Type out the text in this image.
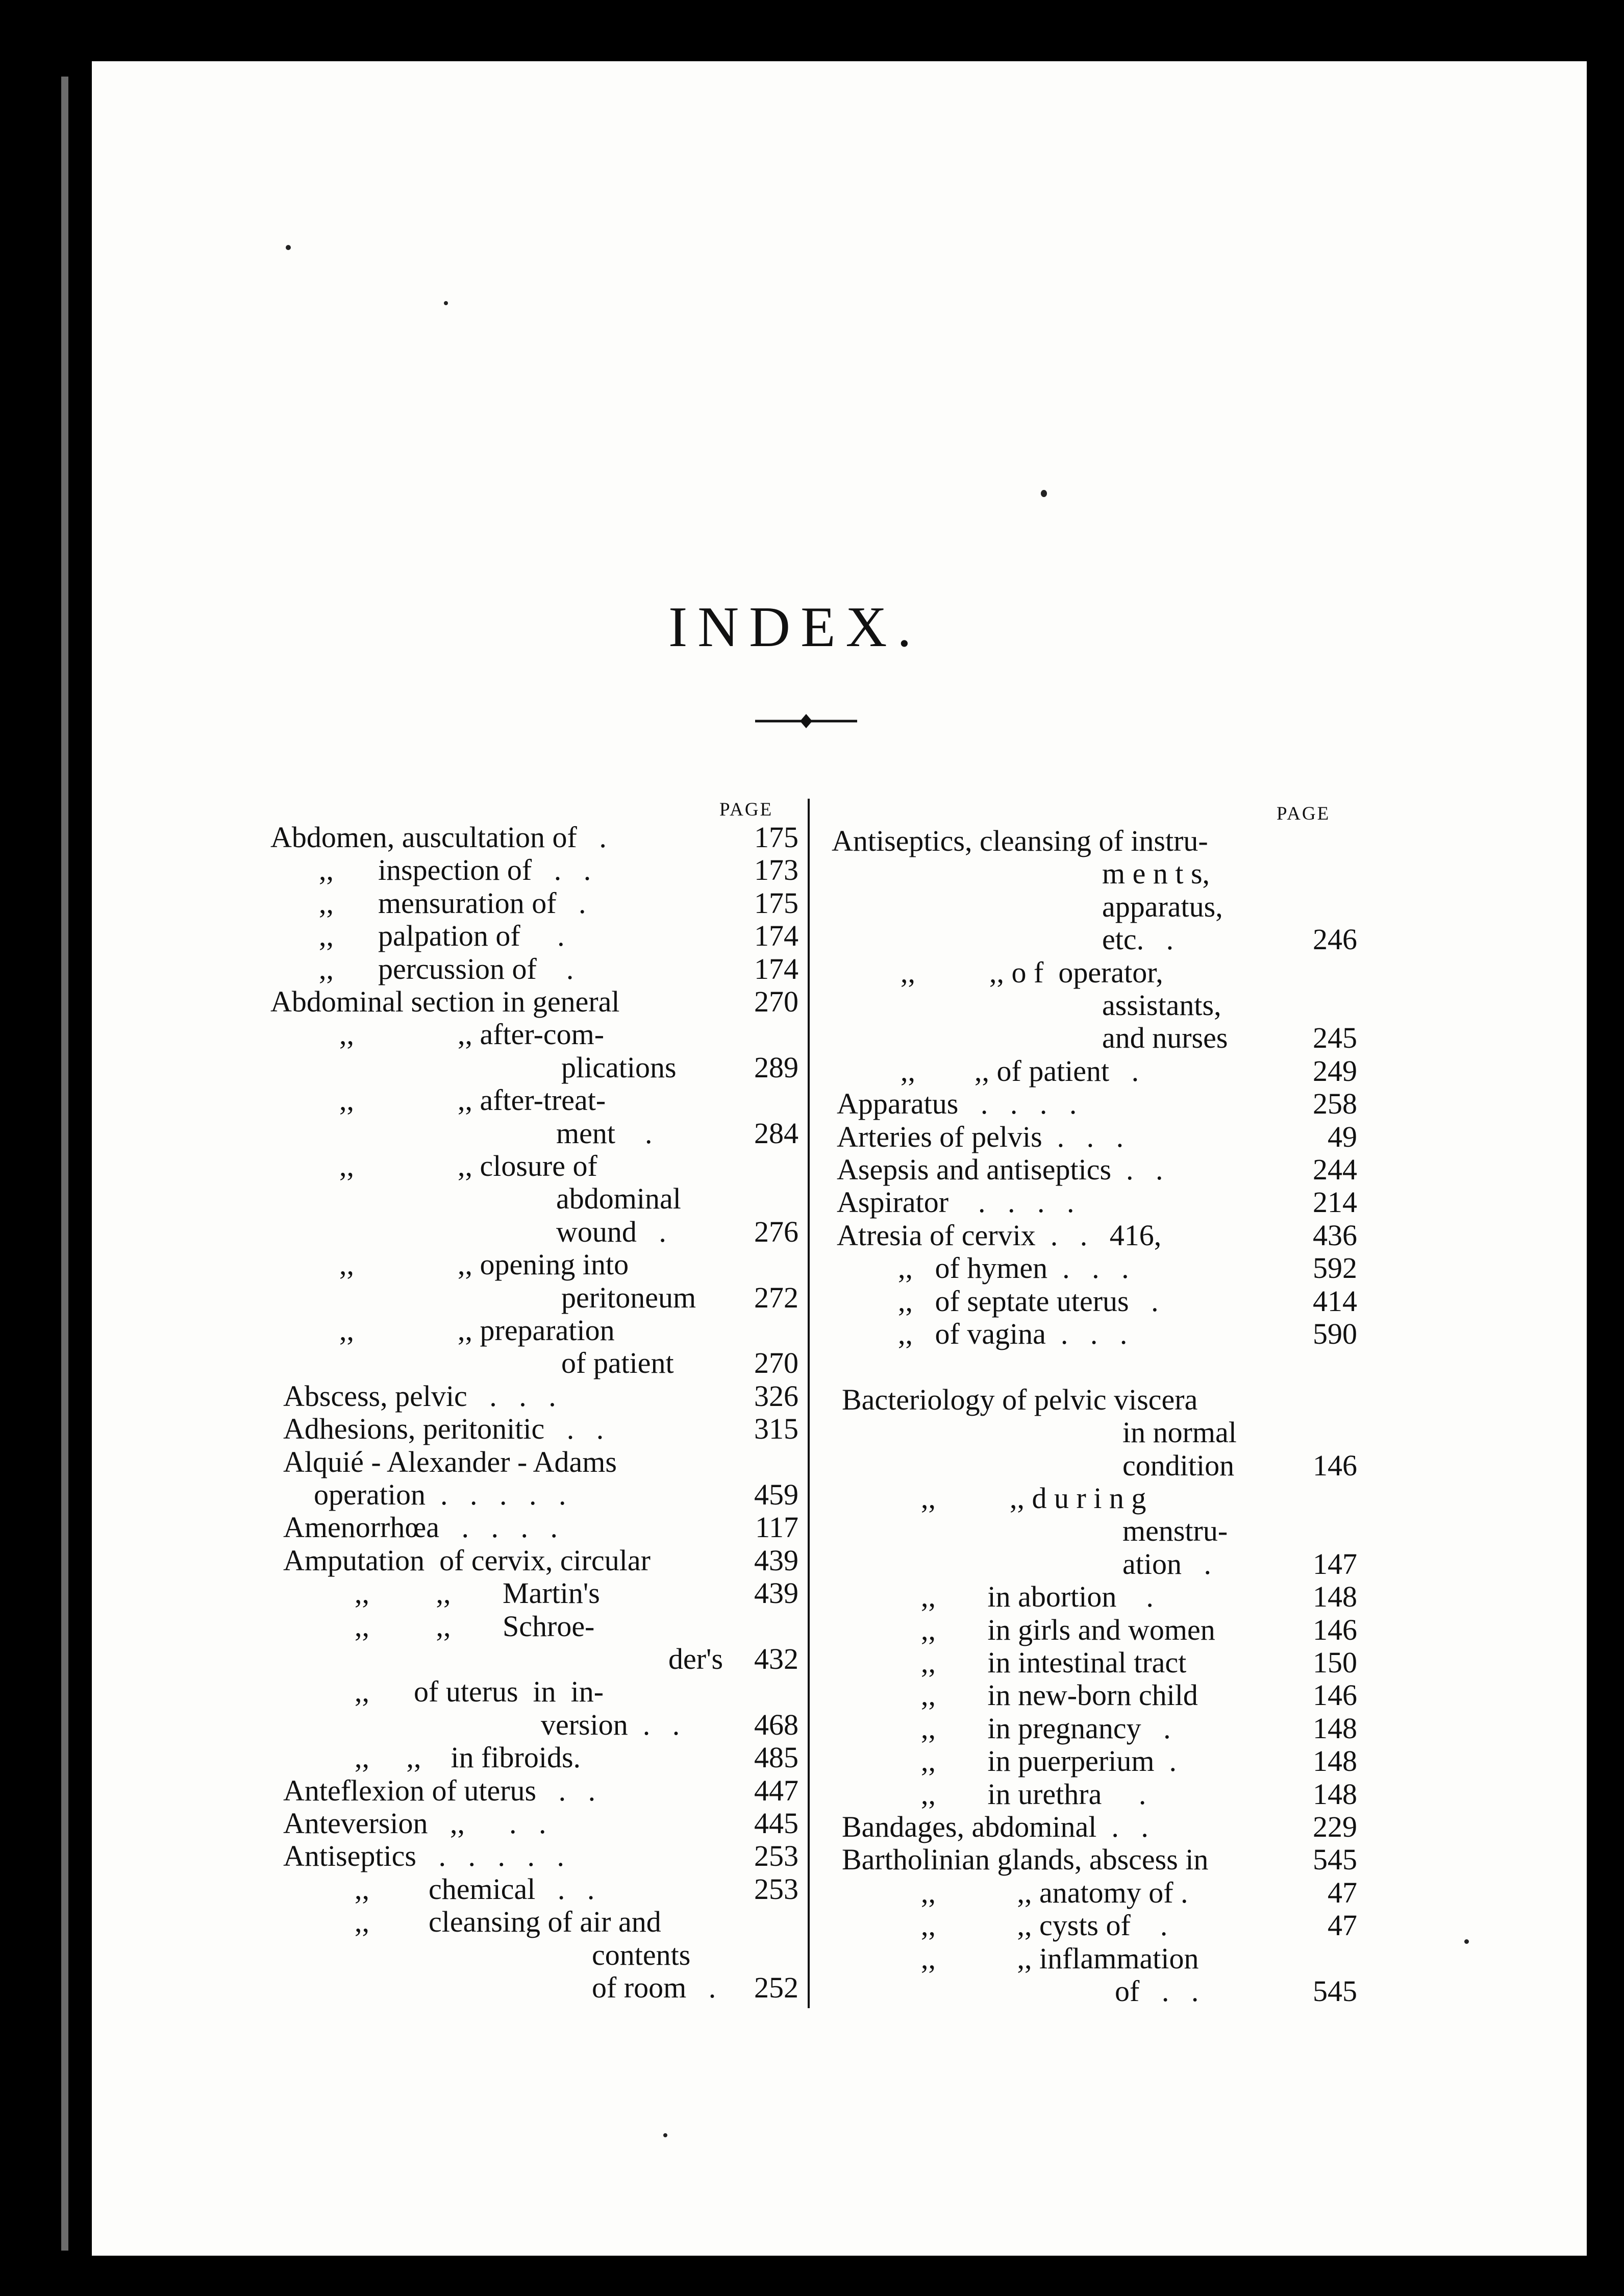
INDEX.
PAGE	PAGE
Abdomen, auscultation of   .	175
,,      inspection of   .   .	173
,,      mensuration of   .	175
,,      palpation of     .	174
,,      percussion of    .	174
Abdominal section in general	270
,,              ,, after-com-
plications	289
,,              ,, after-treat-
ment    .	284
,,              ,, closure of
abdominal
wound   .	276
,,              ,, opening into
peritoneum	272
,,              ,, preparation
of patient	270
Abscess, pelvic   .   .   .	326
Adhesions, peritonitic   .   .	315
Alquié - Alexander - Adams
operation  .   .   .   .   .	459
Amenorrhœa   .   .   .   .	117
Amputation  of cervix, circular	439
,,         ,,       Martin's	439
,,         ,,       Schroe-
der's	432
,,      of uterus  in  in-
version  .   .	468
,,     ,,    in fibroids.	485
Anteflexion of uterus   .   .	447
Anteversion   ,,      .   .	445
Antiseptics   .   .   .   .   .	253
,,        chemical   .   .	253
,,        cleansing of air and
contents
of room   .	252
Antiseptics, cleansing of instru-
m e n t s,
apparatus,
etc.   .	246
,,          ,, o f  operator,
assistants,
and nurses	245
,,        ,, of patient   .	249
Apparatus   .   .   .   .	258
Arteries of pelvis  .   .   .	49
Asepsis and antiseptics  .   .	244
Aspirator    .   .   .   .	214
Atresia of cervix  .   .   416,	436
,,   of hymen  .   .   .	592
,,   of septate uterus   .	414
,,   of vagina  .   .   .	590
Bacteriology of pelvic viscera
in normal
condition	146
,,          ,, d u r i n g
menstru-
ation   .	147
,,       in abortion    .	148
,,       in girls and women	146
,,       in intestinal tract	150
,,       in new-born child	146
,,       in pregnancy   .	148
,,       in puerperium  .	148
,,       in urethra     .	148
Bandages, abdominal  .   .	229
Bartholinian glands, abscess in	545
,,           ,, anatomy of .	47
,,           ,, cysts of    .	47
,,           ,, inflammation
of   .   .	545
